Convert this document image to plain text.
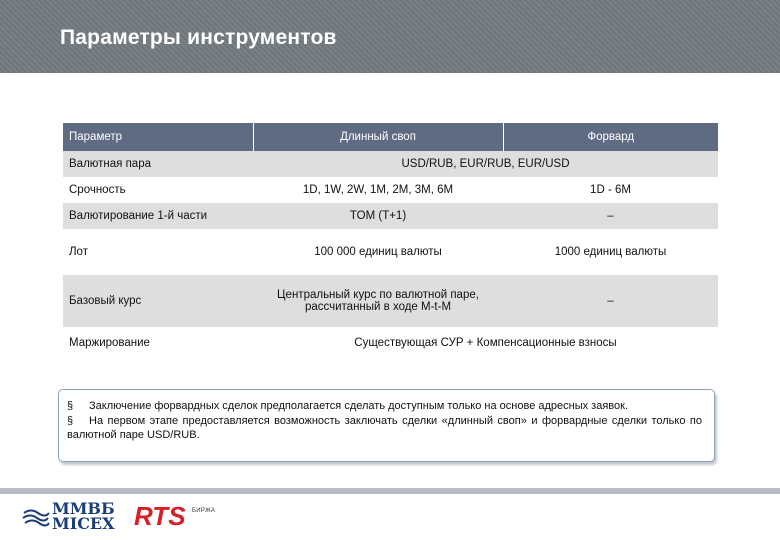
Параметры инструментов
Параметр	Длинный своп	Форвард
Валютная пара	USD/RUB, EUR/RUB, EUR/USD	
Срочность	1D, 1W, 2W, 1M, 2M, 3M, 6M	1D - 6M
Валютирование 1-й части	TOM (T+1)	–
Лот	100 000 единиц валюты	1000 единиц валюты
Базовый курс	Центральный курс по валютной паре, рассчитанный в ходе M-t-M	–
Маржирование	Существующая СУР + Компенсационные взносы	

§ Заключение форвардных сделок предполагается сделать доступным только на основе адресных заявок.

§ На первом этапе предоставляется возможность заключать сделки «длинный своп» и форвардные сделки только по валютной паре USD/RUB.

ММВБ
MICEX RTS БИРЖА
